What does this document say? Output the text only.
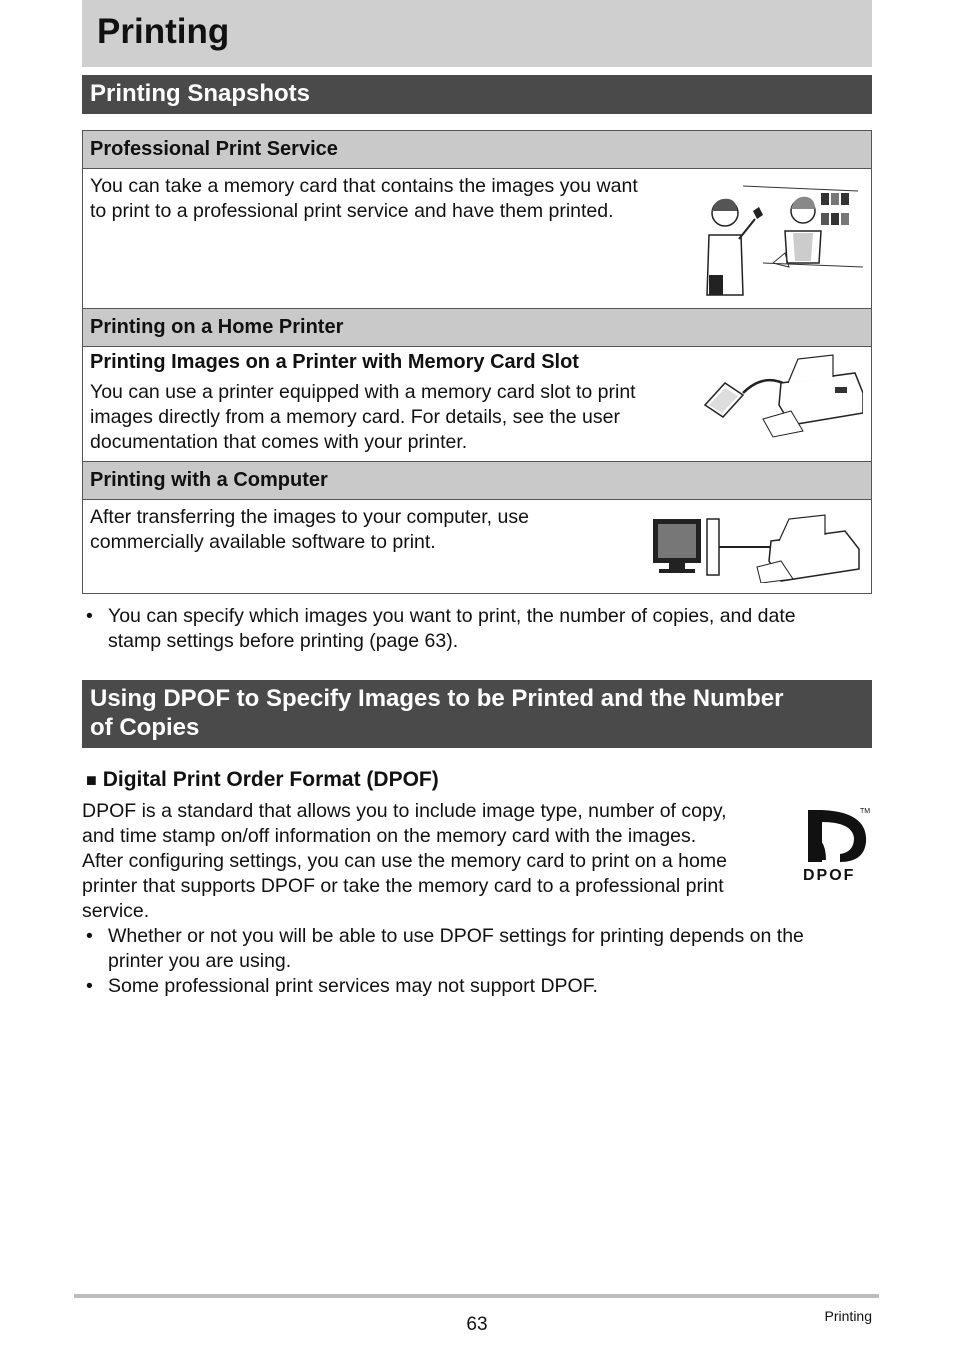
Printing
Printing Snapshots
Professional Print Service
You can take a memory card that contains the images you want
to print to a professional print service and have them printed.
Printing on a Home Printer
Printing Images on a Printer with Memory Card Slot
You can use a printer equipped with a memory card slot to print
images directly from a memory card. For details, see the user
documentation that comes with your printer.
Printing with a Computer
After transferring the images to your computer, use
commercially available software to print.
• You can specify which images you want to print, the number of copies, and date
stamp settings before printing (page 63).
Using DPOF to Specify Images to be Printed and the Number
of Copies
■ Digital Print Order Format (DPOF)
DPOF is a standard that allows you to include image type, number of copy,
and time stamp on/off information on the memory card with the images.
After configuring settings, you can use the memory card to print on a home
printer that supports DPOF or take the memory card to a professional print
service.
TM
DPOF
• Whether or not you will be able to use DPOF settings for printing depends on the
printer you are using.
• Some professional print services may not support DPOF.
63	Printing
